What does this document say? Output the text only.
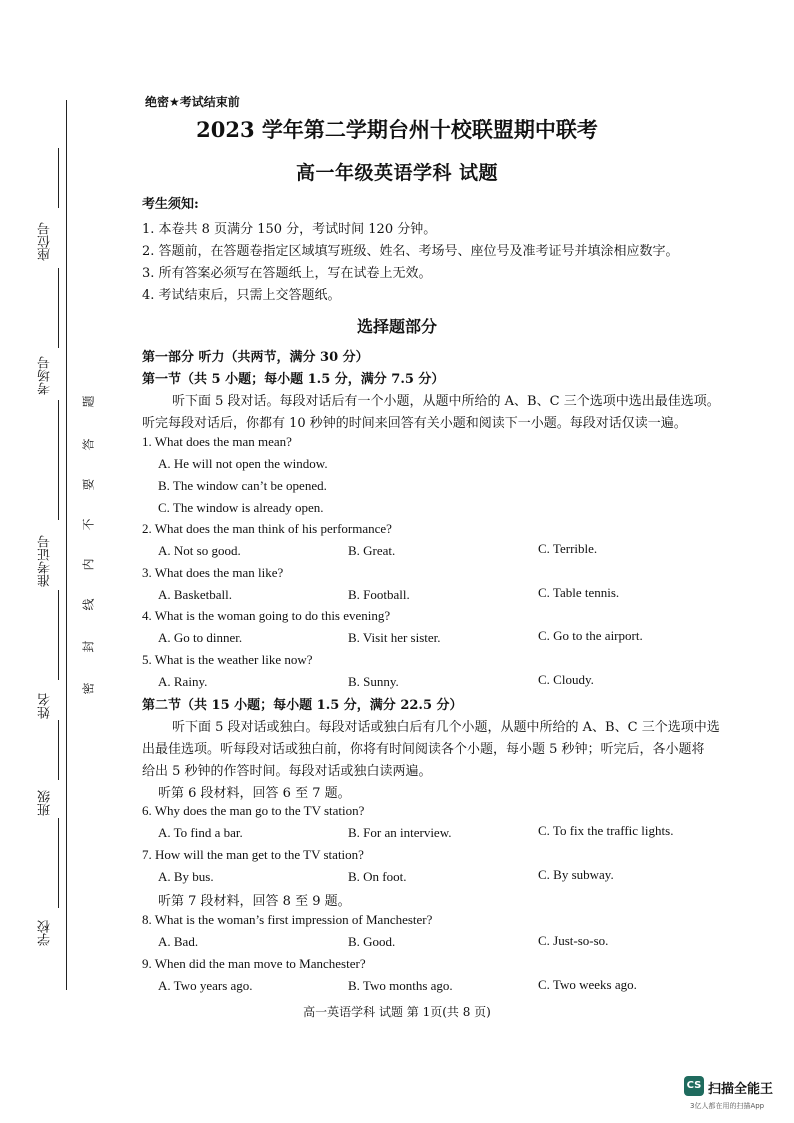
座位号
考场号
准考证号
姓名
班级
学校
密
封
线
内
不
要
答
题
绝密★考试结束前
2023 学年第二学期台州十校联盟期中联考
高一年级英语学科 试题
考生须知:
1. 本卷共 8 页满分 150 分，考试时间 120 分钟。
2. 答题前，在答题卷指定区域填写班级、姓名、考场号、座位号及准考证号并填涂相应数字。
3. 所有答案必须写在答题纸上，写在试卷上无效。
4. 考试结束后，只需上交答题纸。
选择题部分
第一部分 听力（共两节，满分 30 分）
第一节（共 5 小题；每小题 1.5 分，满分 7.5 分）
听下面 5 段对话。每段对话后有一个小题，从题中所给的 A、B、C 三个选项中选出最佳选项。
听完每段对话后，你都有 10 秒钟的时间来回答有关小题和阅读下一小题。每段对话仅读一遍。
1. What does the man mean?
A. He will not open the window.
B. The window can’t be opened.
C. The window is already open.
2. What does the man think of his performance?
A. Not so good.	B. Great.	C. Terrible.
3. What does the man like?
A. Basketball.	B. Football.	C. Table tennis.
4. What is the woman going to do this evening?
A. Go to dinner.	B. Visit her sister.	C. Go to the airport.
5. What is the weather like now?
A. Rainy.	B. Sunny.	C. Cloudy.
第二节（共 15 小题；每小题 1.5 分，满分 22.5 分）
听下面 5 段对话或独白。每段对话或独白后有几个小题，从题中所给的 A、B、C 三个选项中选
出最佳选项。听每段对话或独白前，你将有时间阅读各个小题，每小题 5 秒钟；听完后，各小题将
给出 5 秒钟的作答时间。每段对话或独白读两遍。
听第 6 段材料，回答 6 至 7 题。
6. Why does the man go to the TV station?
A. To find a bar.	B. For an interview.	C. To fix the traffic lights.
7. How will the man get to the TV station?
A. By bus.	B. On foot.	C. By subway.
听第 7 段材料，回答 8 至 9 题。
8. What is the woman’s first impression of Manchester?
A. Bad.	B. Good.	C. Just-so-so.
9. When did the man move to Manchester?
A. Two years ago.	B. Two months ago.	C. Two weeks ago.
高一英语学科 试题 第 1页(共 8 页)
CS 扫描全能王
3亿人都在用的扫描App
